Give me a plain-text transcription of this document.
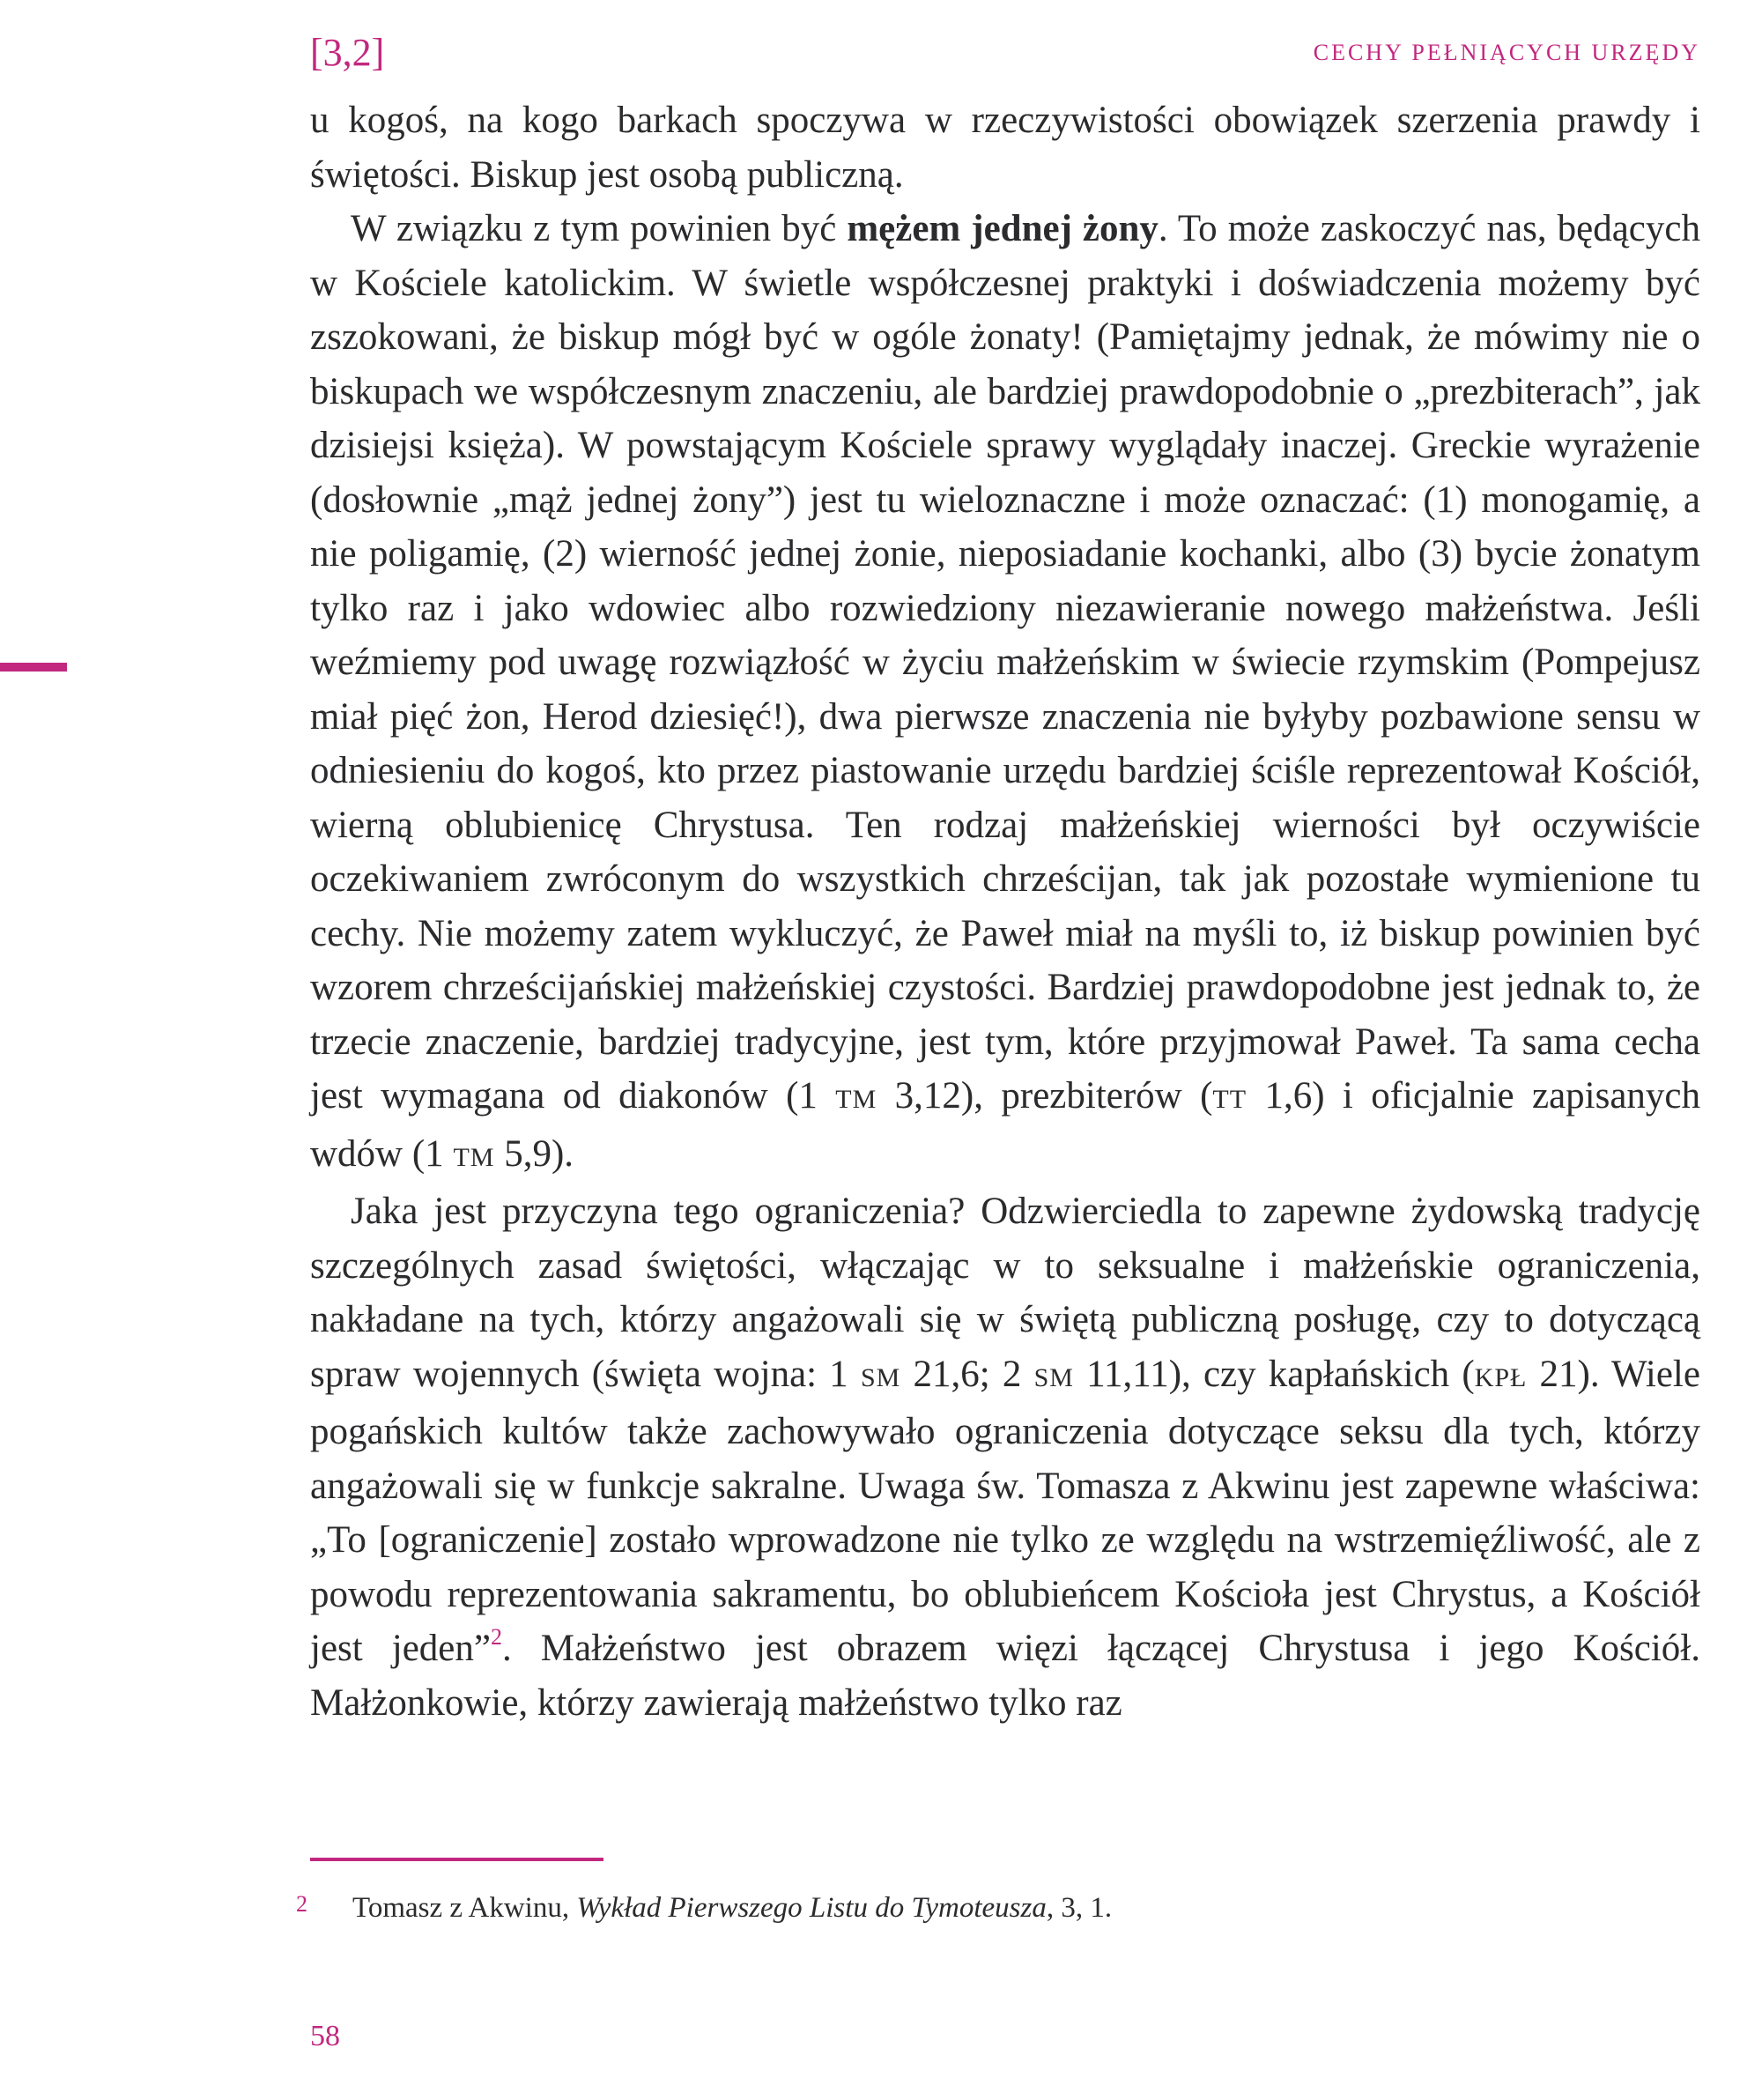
[3,2]	CECHY PEŁNIĄCYCH URZĘDY

u kogoś, na kogo barkach spoczywa w rzeczywistości obowiązek szerzenia prawdy i świętości. Biskup jest osobą publiczną.

W związku z tym powinien być mężem jednej żony. To może zaskoczyć nas, będących w Kościele katolickim. W świetle współczesnej praktyki i doświadczenia możemy być zszokowani, że biskup mógł być w ogóle żonaty! (Pamiętajmy jednak, że mówimy nie o biskupach we współczesnym znaczeniu, ale bardziej prawdopodobnie o „prezbiterach”, jak dzisiejsi księża). W powstającym Kościele sprawy wyglądały inaczej. Greckie wyrażenie (dosłownie „mąż jednej żony”) jest tu wieloznaczne i może oznaczać: (1) monogamię, a nie poligamię, (2) wierność jednej żonie, nieposiadanie kochanki, albo (3) bycie żonatym tylko raz i jako wdowiec albo rozwiedziony niezawieranie nowego małżeństwa. Jeśli weźmiemy pod uwagę rozwiązłość w życiu małżeńskim w świecie rzymskim (Pompejusz miał pięć żon, Herod dziesięć!), dwa pierwsze znaczenia nie byłyby pozbawione sensu w odniesieniu do kogoś, kto przez piastowanie urzędu bardziej ściśle reprezentował Kościół, wierną oblubienicę Chrystusa. Ten rodzaj małżeńskiej wierności był oczywiście oczekiwaniem zwróconym do wszystkich chrześcijan, tak jak pozostałe wymienione tu cechy. Nie możemy zatem wykluczyć, że Paweł miał na myśli to, iż biskup powinien być wzorem chrześcijańskiej małżeńskiej czystości. Bardziej prawdopodobne jest jednak to, że trzecie znaczenie, bardziej tradycyjne, jest tym, które przyjmował Paweł. Ta sama cecha jest wymagana od diakonów (1 TM 3,12), prezbiterów (TT 1,6) i oficjalnie zapisanych wdów (1 TM 5,9).

Jaka jest przyczyna tego ograniczenia? Odzwierciedla to zapewne żydowską tradycję szczególnych zasad świętości, włączając w to seksualne i małżeńskie ograniczenia, nakładane na tych, którzy angażowali się w świętą publiczną posługę, czy to dotyczącą spraw wojennych (święta wojna: 1 SM 21,6; 2 SM 11,11), czy kapłańskich (KPŁ 21). Wiele pogańskich kultów także zachowywało ograniczenia dotyczące seksu dla tych, którzy angażowali się w funkcje sakralne. Uwaga św. Tomasza z Akwinu jest zapewne właściwa: „To [ograniczenie] zostało wprowadzone nie tylko ze względu na wstrzemięźliwość, ale z powodu reprezentowania sakramentu, bo oblubieńcem Kościoła jest Chrystus, a Kościół jest jeden”$^2$. Małżeństwo jest obrazem więzi łączącej Chrystusa i jego Kościół. Małżonkowie, którzy zawierają małżeństwo tylko raz

2 Tomasz z Akwinu, Wykład Pierwszego Listu do Tymoteusza, 3, 1.
58
